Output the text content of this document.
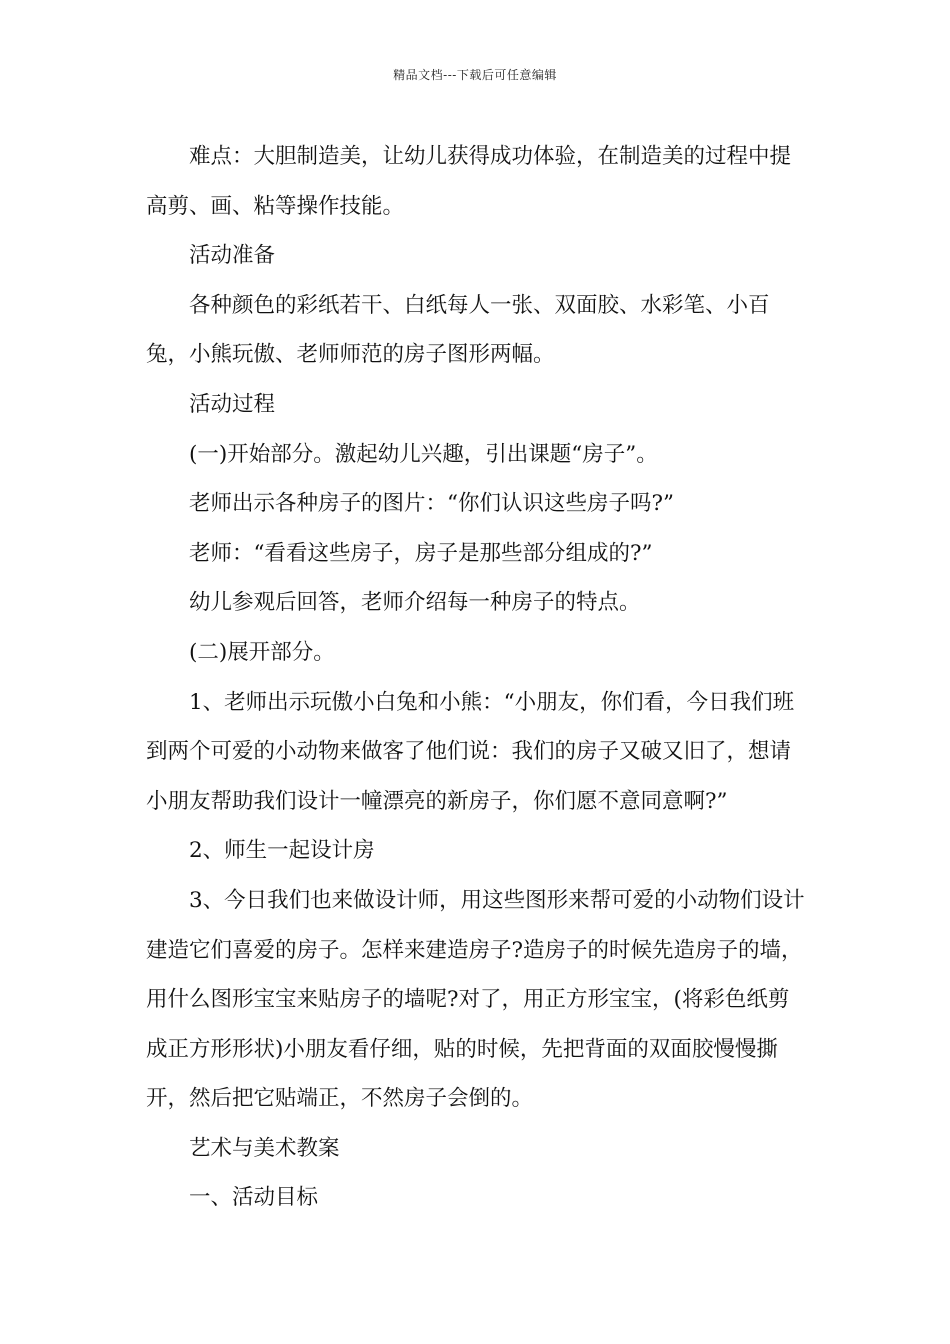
精品文档---下载后可任意编辑

难点：大胆制造美，让幼儿获得成功体验，在制造美的过程中提高剪、画、粘等操作技能。

活动准备

各种颜色的彩纸若干、白纸每人一张、双面胶、水彩笔、小百兔，小熊玩傲、老师师范的房子图形两幅。

活动过程

(一)开始部分。激起幼儿兴趣，引出课题“房子”。

老师出示各种房子的图片：“你们认识这些房子吗?”

老师：“看看这些房子，房子是那些部分组成的?”

幼儿参观后回答，老师介绍每一种房子的特点。

(二)展开部分。

1、老师出示玩傲小白兔和小熊：“小朋友，你们看，今日我们班到两个可爱的小动物来做客了他们说：我们的房子又破又旧了，想请小朋友帮助我们设计一幢漂亮的新房子，你们愿不意同意啊?”

2、师生一起设计房

3、今日我们也来做设计师，用这些图形来帮可爱的小动物们设计建造它们喜爱的房子。怎样来建造房子?造房子的时候先造房子的墙，用什么图形宝宝来贴房子的墙呢?对了，用正方形宝宝，(将彩色纸剪成正方形形状)小朋友看仔细，贴的时候，先把背面的双面胶慢慢撕开，然后把它贴端正，不然房子会倒的。

艺术与美术教案

一、活动目标
